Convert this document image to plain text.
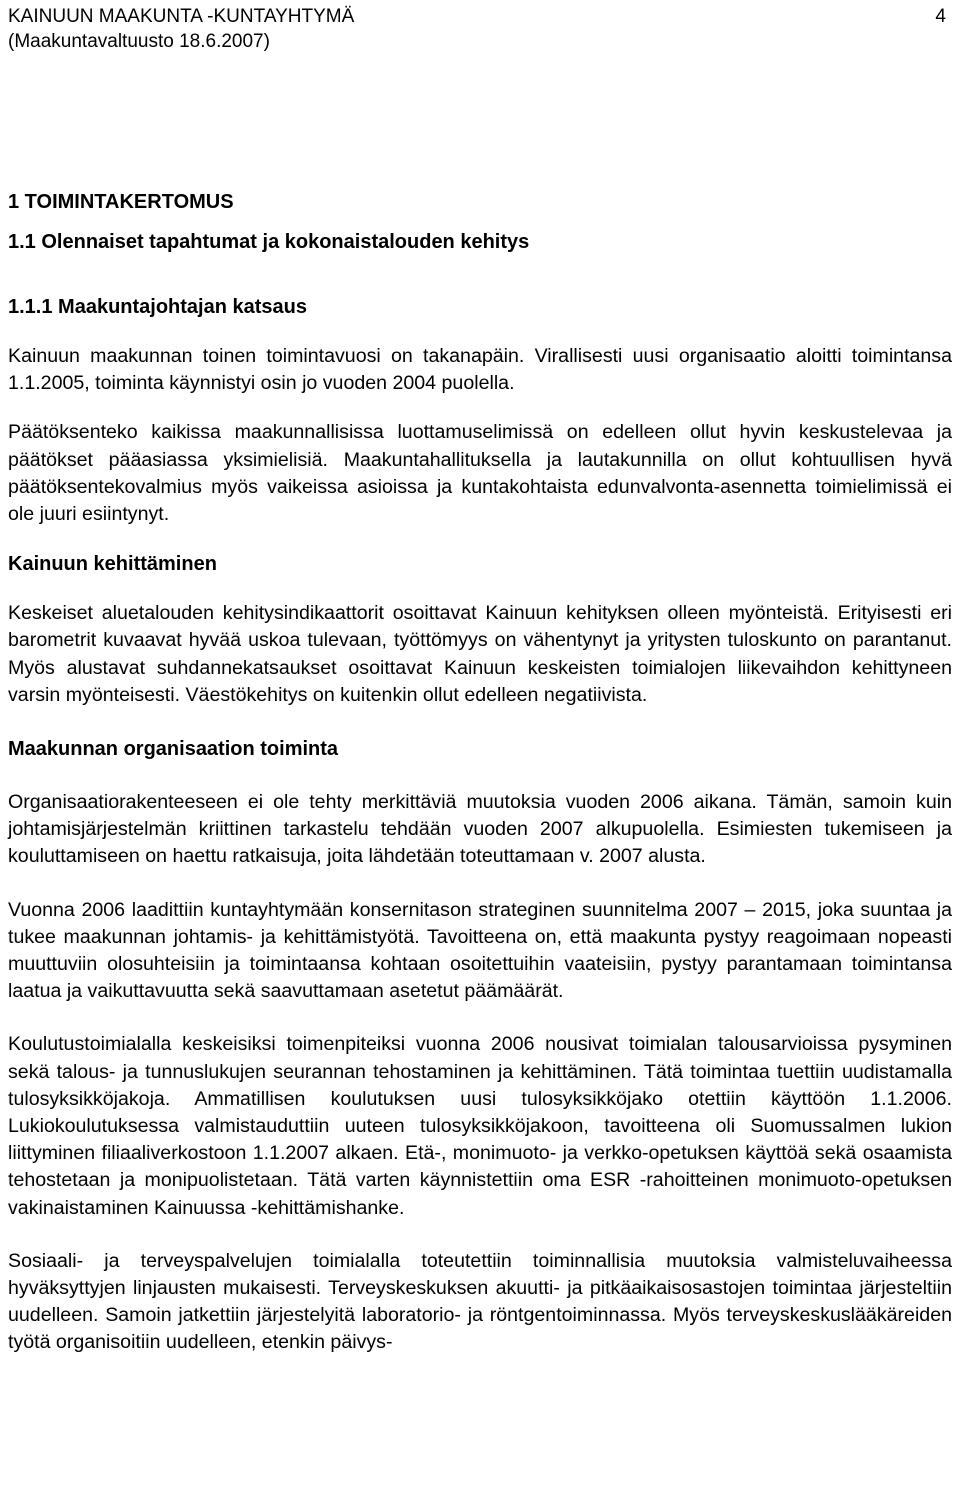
KAINUUN MAAKUNTA -KUNTAYHTYMÄ
(Maakuntavaltuusto 18.6.2007)
4
1 TOIMINTAKERTOMUS
1.1 Olennaiset tapahtumat ja kokonaistalouden kehitys
1.1.1 Maakuntajohtajan katsaus

Kainuun maakunnan toinen toimintavuosi on takanapäin. Virallisesti uusi organisaatio aloitti toimintansa 1.1.2005, toiminta käynnistyi osin jo vuoden 2004 puolella.

Päätöksenteko kaikissa maakunnallisissa luottamuselimissä on edelleen ollut hyvin keskustelevaa ja päätökset pääasiassa yksimielisiä. Maakuntahallituksella ja lautakunnilla on ollut kohtuullisen hyvä päätöksentekovalmius myös vaikeissa asioissa ja kuntakohtaista edunvalvonta-asennetta toimielimissä ei ole juuri esiintynyt.

Kainuun kehittäminen

Keskeiset aluetalouden kehitysindikaattorit osoittavat Kainuun kehityksen olleen myönteistä. Erityisesti eri barometrit kuvaavat hyvää uskoa tulevaan, työttömyys on vähentynyt ja yritysten tuloskunto on parantanut. Myös alustavat suhdannekatsaukset osoittavat Kainuun keskeisten toimialojen liikevaihdon kehittyneen varsin myönteisesti. Väestökehitys on kuitenkin ollut edelleen negatiivista.

Maakunnan organisaation toiminta

Organisaatiorakenteeseen ei ole tehty merkittäviä muutoksia vuoden 2006 aikana. Tämän, samoin kuin johtamisjärjestelmän kriittinen tarkastelu tehdään vuoden 2007 alkupuolella. Esimiesten tukemiseen ja kouluttamiseen on haettu ratkaisuja, joita lähdetään toteuttamaan v. 2007 alusta.

Vuonna 2006 laadittiin kuntayhtymään konsernitason strateginen suunnitelma 2007 – 2015, joka suuntaa ja tukee maakunnan johtamis- ja kehittämistyötä. Tavoitteena on, että maakunta pystyy reagoimaan nopeasti muuttuviin olosuhteisiin ja toimintaansa kohtaan osoitettuihin vaateisiin, pystyy parantamaan toimintansa laatua ja vaikuttavuutta sekä saavuttamaan asetetut päämäärät.

Koulutustoimialalla keskeisiksi toimenpiteiksi vuonna 2006 nousivat toimialan talousarvioissa pysyminen sekä talous- ja tunnuslukujen seurannan tehostaminen ja kehittäminen. Tätä toimintaa tuettiin uudistamalla tulosyksikköjakoja. Ammatillisen koulutuksen uusi tulosyksikköjako otettiin käyttöön 1.1.2006. Lukiokoulutuksessa valmistauduttiin uuteen tulosyksikköjakoon, tavoitteena oli Suomussalmen lukion liittyminen filiaaliverkostoon 1.1.2007 alkaen. Etä-, monimuoto- ja verkko-opetuksen käyttöä sekä osaamista tehostetaan ja monipuolistetaan. Tätä varten käynnistettiin oma ESR -rahoitteinen monimuoto-opetuksen vakinaistaminen Kainuussa -kehittämishanke.

Sosiaali- ja terveyspalvelujen toimialalla toteutettiin toiminnallisia muutoksia valmisteluvaiheessa hyväksyttyjen linjausten mukaisesti. Terveyskeskuksen akuutti- ja pitkäaikaisosastojen toimintaa järjesteltiin uudelleen. Samoin jatkettiin järjestelyitä laboratorio- ja röntgentoiminnassa. Myös terveyskeskuslääkäreiden työtä organisoitiin uudelleen, etenkin päivys-
